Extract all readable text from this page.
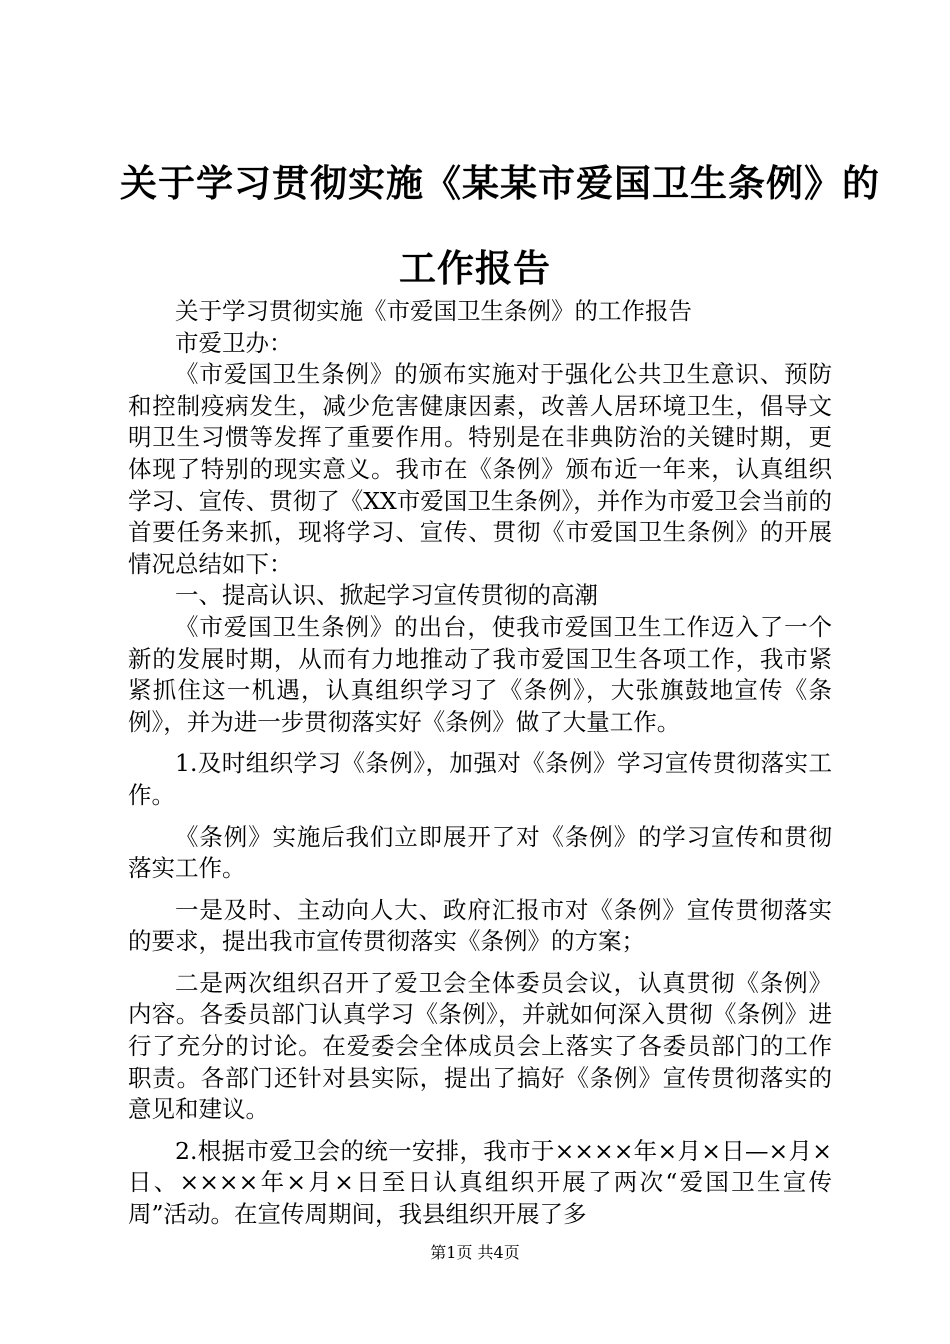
关于学习贯彻实施《某某市爱国卫生条例》的
工作报告

关于学习贯彻实施《市爱国卫生条例》的工作报告

市爱卫办：

《市爱国卫生条例》的颁布实施对于强化公共卫生意识、预防和控制疫病发生，减少危害健康因素，改善人居环境卫生，倡导文明卫生习惯等发挥了重要作用。特别是在非典防治的关键时期，更体现了特别的现实意义。我市在《条例》颁布近一年来，认真组织学习、宣传、贯彻了《XX市爱国卫生条例》，并作为市爱卫会当前的首要任务来抓，现将学习、宣传、贯彻《市爱国卫生条例》的开展情况总结如下：

一、提高认识、掀起学习宣传贯彻的高潮

《市爱国卫生条例》的出台，使我市爱国卫生工作迈入了一个新的发展时期，从而有力地推动了我市爱国卫生各项工作，我市紧紧抓住这一机遇，认真组织学习了《条例》，大张旗鼓地宣传《条例》，并为进一步贯彻落实好《条例》做了大量工作。

1.及时组织学习《条例》，加强对《条例》学习宣传贯彻落实工作。

《条例》实施后我们立即展开了对《条例》的学习宣传和贯彻落实工作。

一是及时、主动向人大、政府汇报市对《条例》宣传贯彻落实的要求，提出我市宣传贯彻落实《条例》的方案；

二是两次组织召开了爱卫会全体委员会议，认真贯彻《条例》内容。各委员部门认真学习《条例》，并就如何深入贯彻《条例》进行了充分的讨论。在爱委会全体成员会上落实了各委员部门的工作职责。各部门还针对县实际，提出了搞好《条例》宣传贯彻落实的意见和建议。

2.根据市爱卫会的统一安排，我市于××××年×月×日—×月×日、××××年×月×日至日认真组织开展了两次“爱国卫生宣传周”活动。在宣传周期间，我县组织开展了多

第1页 共4页
